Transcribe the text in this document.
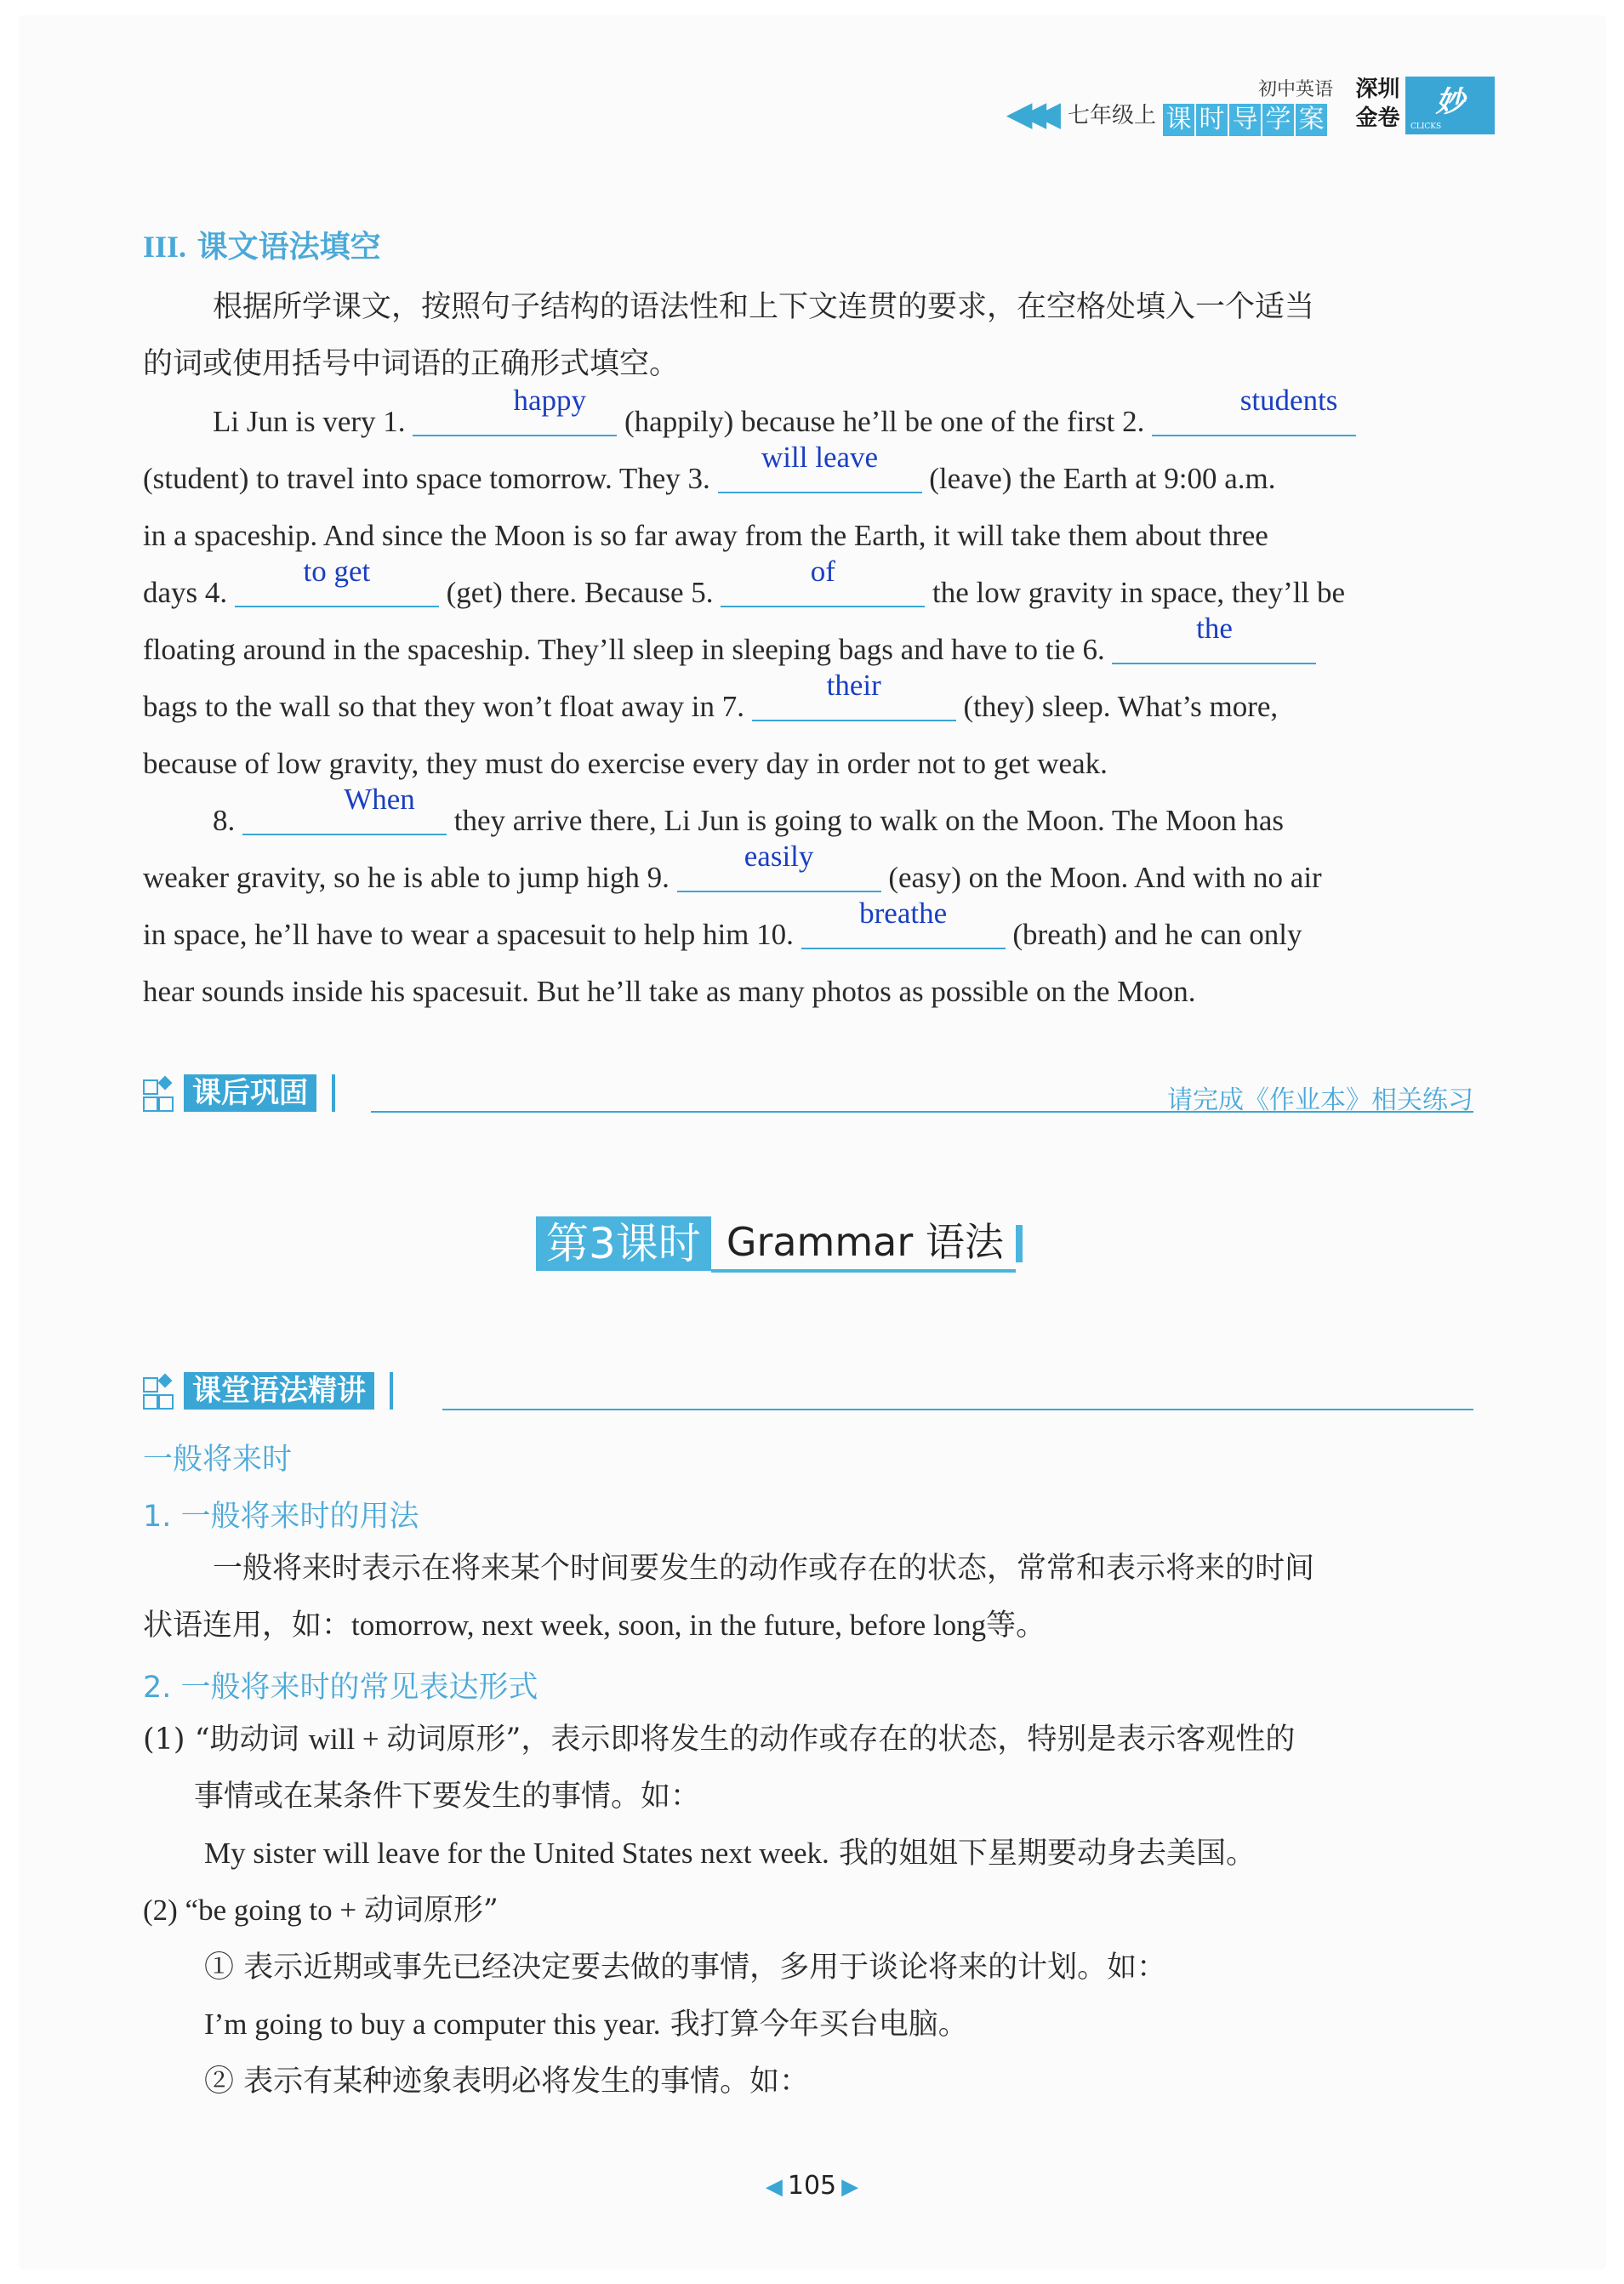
◀◀◀ 七年级上
初中英语
课 时 导 学 案
深圳
金卷	妙
CLICKS
III. 课文语法填空
根据所学课文，按照句子结构的语法性和上下文连贯的要求，在空格处填入一个适当
的词或使用括号中词语的正确形式填空。
Li Jun is very 1.
happy
(happily) because he’ll be one of the first 2.
students
(student) to travel into space tomorrow. They 3.
will leave
(leave) the Earth at 9:00 a.m.
in a spaceship. And since the Moon is so far away from the Earth, it will take them about three
days 4.
to get
(get) there. Because 5.
of
the low gravity in space, they’ll be
floating around in the spaceship. They’ll sleep in sleeping bags and have to tie 6.
the
bags to the wall so that they won’t float away in 7.
their
(they) sleep. What’s more,
because of low gravity, they must do exercise every day in order not to get weak.
8.
When
they arrive there, Li Jun is going to walk on the Moon. The Moon has
weaker gravity, so he is able to jump high 9.
easily
(easy) on the Moon. And with no air
in space, he’ll have to wear a spacesuit to help him 10.
breathe
(breath) and he can only
hear sounds inside his spacesuit. But he’ll take as many photos as possible on the Moon.
课后巩固	请完成《作业本》相关练习
第3课时 Grammar 语法
课堂语法精讲
一般将来时
1. 一般将来时的用法
一般将来时表示在将来某个时间要发生的动作或存在的状态，常常和表示将来的时间
状语连用，如：tomorrow, next week, soon, in the future, before long等。
2. 一般将来时的常见表达形式
(1) “助动词 will + 动词原形”，表示即将发生的动作或存在的状态，特别是表示客观性的
事情或在某条件下要发生的事情。如：
My sister will leave for the United States next week. 我的姐姐下星期要动身去美国。
(2) “be going to + 动词原形”
① 表示近期或事先已经决定要去做的事情，多用于谈论将来的计划。如：
I’m going to buy a computer this year. 我打算今年买台电脑。
② 表示有某种迹象表明必将发生的事情。如：
◀ 105 ▶
